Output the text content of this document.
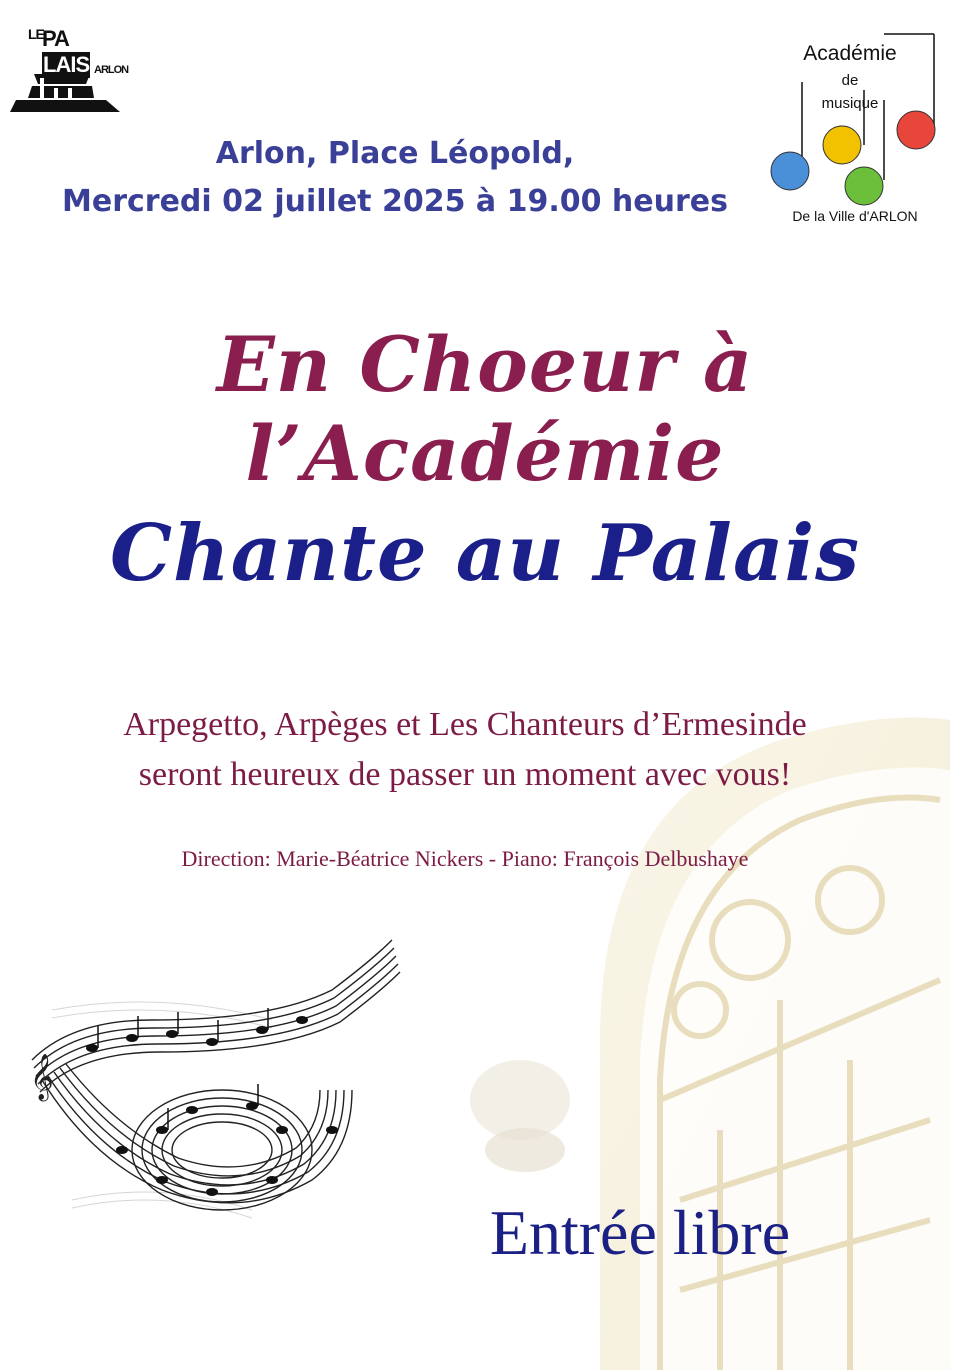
LE
PA
LAIS ARLON
Académie
de
musique
De la Ville d'ARLON
Arlon, Place Léopold,
Mercredi 02 juillet 2025 à 19.00 heures
En Choeur à l’Académie
Chante au Palais
Arpegetto, Arpèges et Les Chanteurs d’Ermesinde
seront heureux de passer un moment avec vous!
Direction: Marie-Béatrice Nickers - Piano: François Delbushaye
𝄞
Entrée libre
